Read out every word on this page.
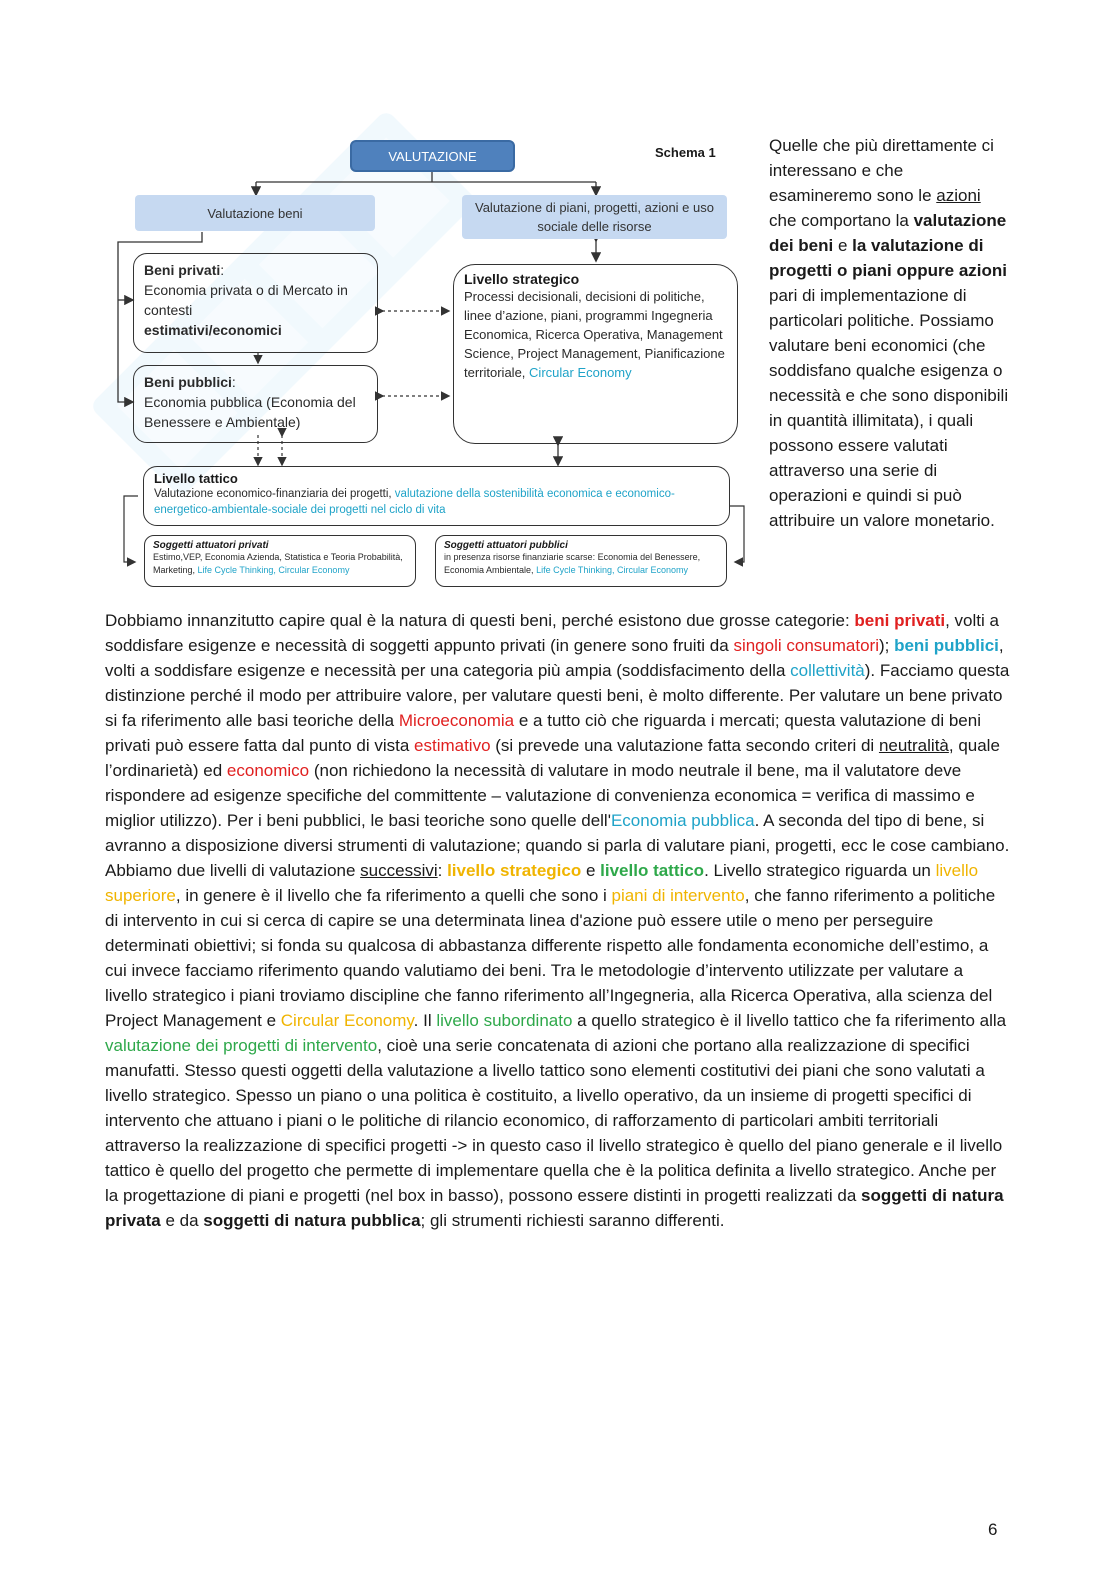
Schema 1
VALUTAZIONE
Valutazione beni	Valutazione di piani, progetti, azioni e uso sociale delle risorse
Beni privati:
Economia privata o di Mercato in contesti
estimativi/economici
Beni pubblici:
Economia pubblica (Economia del Benessere e Ambientale)
Livello strategico
Processi decisionali, decisioni di politiche, linee d’azione, piani, programmi Ingegneria Economica, Ricerca Operativa, Management Science, Project Management, Pianificazione territoriale, Circular Economy
Livello tattico
Valutazione economico-finanziaria dei progetti, valutazione della sostenibilità economica e economico-energetico-ambientale-sociale dei progetti nel ciclo di vita
Soggetti attuatori privati
Estimo,VEP, Economia Azienda, Statistica e Teoria Probabilità, Marketing, Life Cycle Thinking, Circular Economy
Soggetti attuatori pubblici
in presenza risorse finanziarie scarse: Economia del Benessere, Economia Ambientale, Life Cycle Thinking, Circular Economy
Quelle che più direttamente ci interessano e che esamineremo sono le azioni che comportano la valutazione dei beni e la valutazione di progetti o piani oppure azioni pari di implementazione di particolari politiche. Possiamo valutare beni economici (che soddisfano qualche esigenza o necessità e che sono disponibili in quantità illimitata), i quali possono essere valutati attraverso una serie di operazioni e quindi si può attribuire un valore monetario.
Dobbiamo innanzitutto capire qual è la natura di questi beni, perché esistono due grosse categorie: beni privati, volti a soddisfare esigenze e necessità di soggetti appunto privati (in genere sono fruiti da singoli consumatori); beni pubblici, volti a soddisfare esigenze e necessità per una categoria più ampia (soddisfacimento della collettività). Facciamo questa distinzione perché il modo per attribuire valore, per valutare questi beni, è molto differente. Per valutare un bene privato si fa riferimento alle basi teoriche della Microeconomia e a tutto ciò che riguarda i mercati; questa valutazione di beni privati può essere fatta dal punto di vista estimativo (si prevede una valutazione fatta secondo criteri di neutralità, quale l’ordinarietà) ed economico (non richiedono la necessità di valutare in modo neutrale il bene, ma il valutatore deve rispondere ad esigenze specifiche del committente – valutazione di convenienza economica = verifica di massimo e miglior utilizzo). Per i beni pubblici, le basi teoriche sono quelle dell'Economia pubblica. A seconda del tipo di bene, si avranno a disposizione diversi strumenti di valutazione; quando si parla di valutare piani, progetti, ecc le cose cambiano. Abbiamo due livelli di valutazione successivi: livello strategico e livello tattico. Livello strategico riguarda un livello superiore, in genere è il livello che fa riferimento a quelli che sono i piani di intervento, che fanno riferimento a politiche di intervento in cui si cerca di capire se una determinata linea d'azione può essere utile o meno per perseguire determinati obiettivi; si fonda su qualcosa di abbastanza differente rispetto alle fondamenta economiche dell’estimo, a cui invece facciamo riferimento quando valutiamo dei beni. Tra le metodologie d’intervento utilizzate per valutare a livello strategico i piani troviamo discipline che fanno riferimento all’Ingegneria, alla Ricerca Operativa, alla scienza del Project Management e Circular Economy. Il livello subordinato a quello strategico è il livello tattico che fa riferimento alla valutazione dei progetti di intervento, cioè una serie concatenata di azioni che portano alla realizzazione di specifici manufatti. Stesso questi oggetti della valutazione a livello tattico sono elementi costitutivi dei piani che sono valutati a livello strategico. Spesso un piano o una politica è costituito, a livello operativo, da un insieme di progetti specifici di intervento che attuano i piani o le politiche di rilancio economico, di rafforzamento di particolari ambiti territoriali attraverso la realizzazione di specifici progetti -> in questo caso il livello strategico è quello del piano generale e il livello tattico è quello del progetto che permette di implementare quella che è la politica definita a livello strategico. Anche per la progettazione di piani e progetti (nel box in basso), possono essere distinti in progetti realizzati da soggetti di natura privata e da soggetti di natura pubblica; gli strumenti richiesti saranno differenti.
6
